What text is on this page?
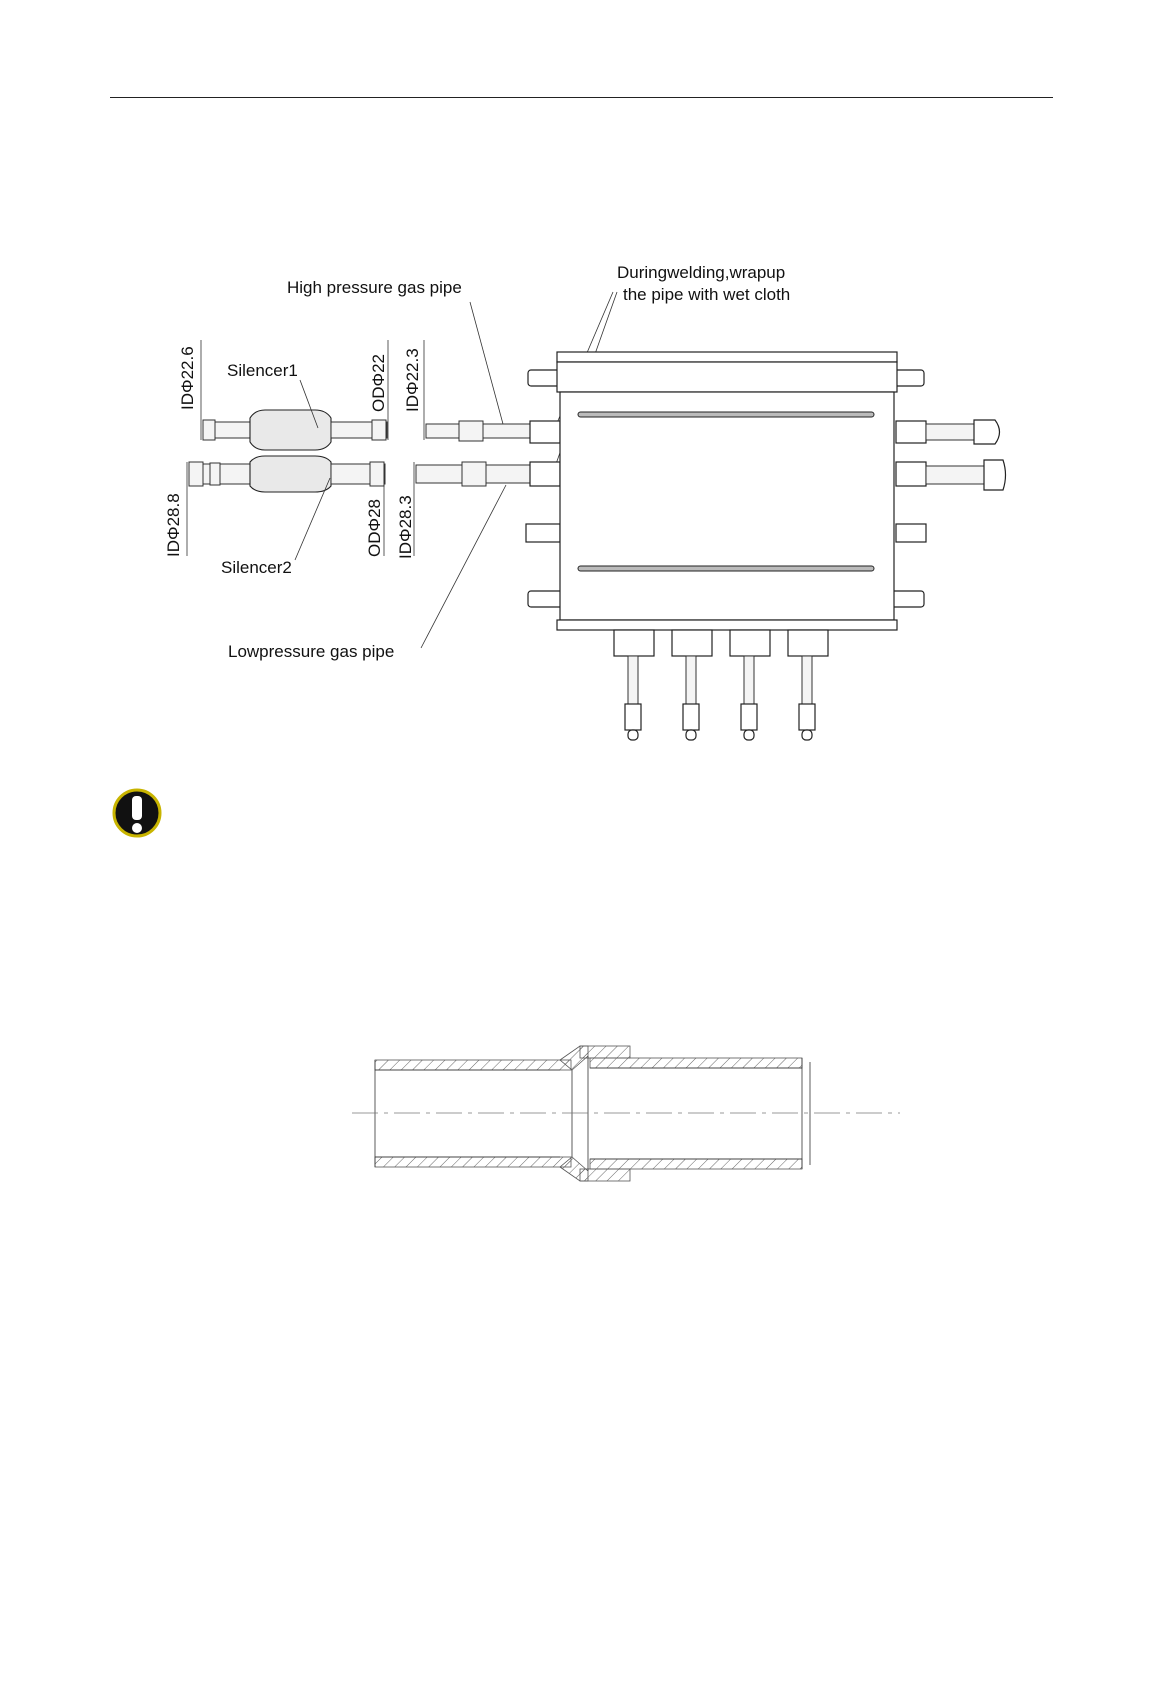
High pressure gas pipe
Duringwelding,wrapup
the pipe with wet cloth
Silencer1
Silencer2
Lowpressure gas pipe
IDΦ22.6	ODΦ22 IDΦ22.3
IDΦ28.8	ODΦ28 IDΦ28.3
